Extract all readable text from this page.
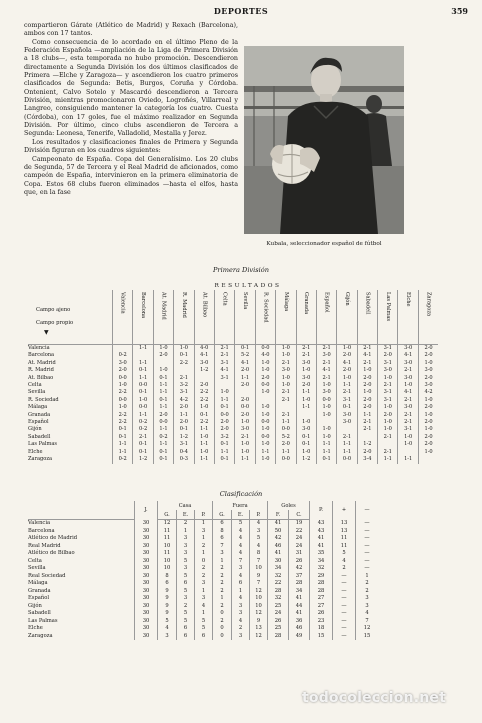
DEPORTES	359

compartieron Gárate (Atlético de Madrid) y Rexach (Barcelona), ambos con 17 tantos.

Como consecuencia de lo acordado en el último Pleno de la Federación Española —ampliación de la Liga de Primera División a 18 clubs—, esta temporada no hubo promoción. Descendieron directamente a Segunda División los dos últimos clasificados de Primera —Elche y Zaragoza— y ascendieron los cuatro primeros clasificados de Segunda: Betis, Burgos, Coruña y Córdoba. Ontenient, Calvo Sotelo y Mascardó descendieron a Tercera División, mientras promocionaron Oviedo, Logroñés, Villarreal y Langreo, consiguiendo mantener la categoría los cuatro. Cuesta (Córdoba), con 17 goles, fue el máximo realizador en Segunda División. Por último, cinco clubs ascendieron de Tercera a Segunda: Leonesa, Tenerife, Valladolid, Mestalla y Jerez.

Los resultados y clasificaciones finales de Primera y Segunda División figuran en los cuadros siguientes:

Campeonato de España. Copa del Generalísimo. Los 20 clubs de Segunda, 57 de Tercera y el Real Madrid de aficionados, como campeón de España, intervinieron en la primera eliminatoria de Copa. Estos 68 clubs fueron eliminados —hasta el elfos, hasta que, en la fase

Kubala, seleccionador español de fútbol
Primera División
RESULTADOS
Campo ajeno
Campo propio
▼	Valencia	Barcelona	At. Madrid	R. Madrid	At. Bilbao	Celta	Sevilla	R. Sociedad	Málaga	Granada	Español	Gijón	Sabadell	Las Palmas	Elche	Zaragoza
Valencia		1-1	1-0	1-0	4-0	2-1	0-1	0-0	1-0	2-1	2-1	1-0	2-1	3-1	3-0	2-0
Barcelona	0-2		2-0	0-1	4-1	2-1	5-2	4-0	1-0	2-1	3-0	2-0	4-1	2-0	4-1	2-0
At. Madrid	3-0	1-1		2-2	3-0	3-1	4-1	1-0	2-1	3-0	2-1	4-1	2-1	3-1	3-0	1-0
R. Madrid	2-0	0-1	1-0		1-2	4-1	2-0	1-0	3-0	1-0	4-1	2-0	1-0	3-0	2-1	3-0
At. Bilbao	0-0	1-1	0-1	2-1		3-1	1-1	2-0	1-0	3-0	2-1	1-0	2-0	1-0	3-0	2-0
Celta	1-0	0-0	1-1	3-2	2-0		2-0	0-0	1-0	2-0	1-0	1-1	2-0	2-1	1-0	3-0
Sevilla	2-2	0-1	1-1	3-1	2-2	1-0		1-0	2-1	1-1	3-0	2-1	1-0	3-1	4-1	4-2
R. Sociedad	0-0	1-0	0-1	4-2	2-2	1-1	2-0		2-1	1-0	0-0	3-1	2-0	3-1	2-1	1-0
Málaga	1-0	0-0	1-1	2-0	1-0	0-1	0-0	1-0		1-1	1-0	0-1	2-0	1-0	3-0	2-0
Granada	2-2	1-1	2-0	1-1	0-1	0-0	2-0	1-0	2-1		1-0	3-0	1-1	2-0	2-1	1-0
Español	2-2	0-2	0-0	2-0	2-2	2-0	1-0	0-0	1-1	1-0		3-0	2-1	1-0	2-1	2-0
Gijón	0-1	0-2	1-1	0-1	1-1	2-0	3-0	1-0	0-0	3-0	1-0		2-1	1-0	3-1	1-0
Sabadell	0-1	2-1	0-2	1-2	1-0	3-2	2-1	0-0	5-2	0-1	1-0	2-1		2-1	1-0	2-0
Las Palmas	1-1	0-1	1-1	3-1	1-1	0-1	1-0	1-0	2-0	0-1	1-1	1-1	1-2		1-0	2-0
Elche	1-1	0-1	0-1	0-4	1-0	1-1	1-0	1-1	1-1	1-0	1-1	1-1	2-0	2-1		1-0
Zaragoza	0-2	1-2	0-1	0-3	1-1	0-1	1-1	1-0	0-0	1-2	0-1	0-0	3-4	1-1	1-1	
Clasificación
	J.	Casa			Fuera			Goles		P.	+	—
		G.	E.	P.	G.	E.	P.	F.	C.			
Valencia	30	12	2	1	6	5	4	41	19	43	13	—
Barcelona	30	11	1	3	8	4	3	50	22	43	13	—
Atlético de Madrid	30	11	3	1	6	4	5	42	24	41	11	—
Real Madrid	30	10	3	2	7	4	4	46	24	41	11	—
Atlético de Bilbao	30	11	3	1	3	4	8	41	31	35	5	—
Celta	30	10	5	0	1	7	7	30	26	34	4	—
Sevilla	30	10	3	2	2	3	10	34	42	32	2	—
Real Sociedad	30	8	5	2	2	4	9	32	37	29	—	1
Málaga	30	6	6	3	2	6	7	22	28	28	—	2
Granada	30	9	5	1	2	1	12	28	34	28	—	2
Español	30	9	3	3	1	4	10	32	41	27	—	3
Gijón	30	9	2	4	2	3	10	25	44	27	—	3
Sabadell	30	9	5	1	0	3	12	24	41	26	—	4
Las Palmas	30	5	5	5	2	4	9	26	36	23	—	7
Elche	30	4	6	5	0	2	13	25	46	18	—	12
Zaragoza	30	3	6	6	0	3	12	28	49	15	—	15
todocoleccion.net
